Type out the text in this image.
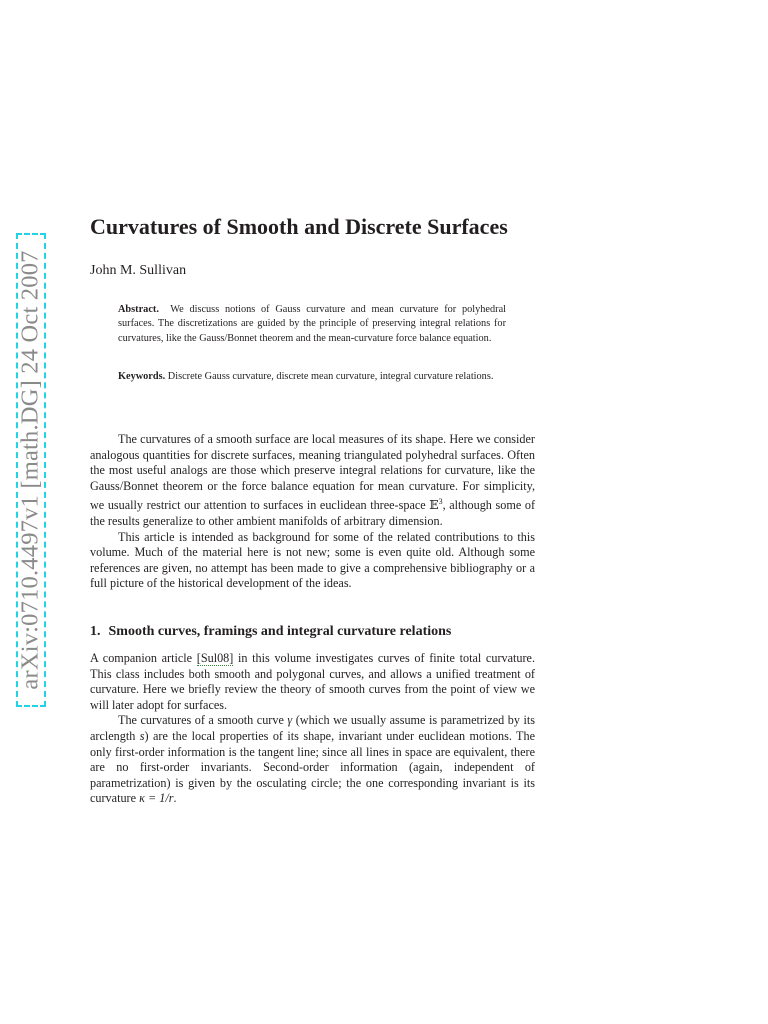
arXiv:0710.4497v1 [math.DG] 24 Oct 2007
Curvatures of Smooth and Discrete Surfaces
John M. Sullivan

Abstract. We discuss notions of Gauss curvature and mean curvature for polyhedral surfaces. The discretizations are guided by the principle of preserving integral relations for curvatures, like the Gauss/Bonnet theorem and the mean-curvature force balance equation.

Keywords. Discrete Gauss curvature, discrete mean curvature, integral curvature relations.

The curvatures of a smooth surface are local measures of its shape. Here we consider analogous quantities for discrete surfaces, meaning triangulated polyhedral surfaces. Often the most useful analogs are those which preserve integral relations for curvature, like the Gauss/Bonnet theorem or the force balance equation for mean curvature. For simplicity, we usually restrict our attention to surfaces in euclidean three-space 𝔼$^3$, although some of the results generalize to other ambient manifolds of arbitrary dimension.

This article is intended as background for some of the related contributions to this volume. Much of the material here is not new; some is even quite old. Although some references are given, no attempt has been made to give a comprehensive bibliography or a full picture of the historical development of the ideas.

1. Smooth curves, framings and integral curvature relations

A companion article [Sul08] in this volume investigates curves of finite total curvature. This class includes both smooth and polygonal curves, and allows a unified treatment of curvature. Here we briefly review the theory of smooth curves from the point of view we will later adopt for surfaces.

The curvatures of a smooth curve γ (which we usually assume is parametrized by its arclength s) are the local properties of its shape, invariant under euclidean motions. The only first-order information is the tangent line; since all lines in space are equivalent, there are no first-order invariants. Second-order information (again, independent of parametrization) is given by the osculating circle; the one corresponding invariant is its curvature κ = 1/r.
